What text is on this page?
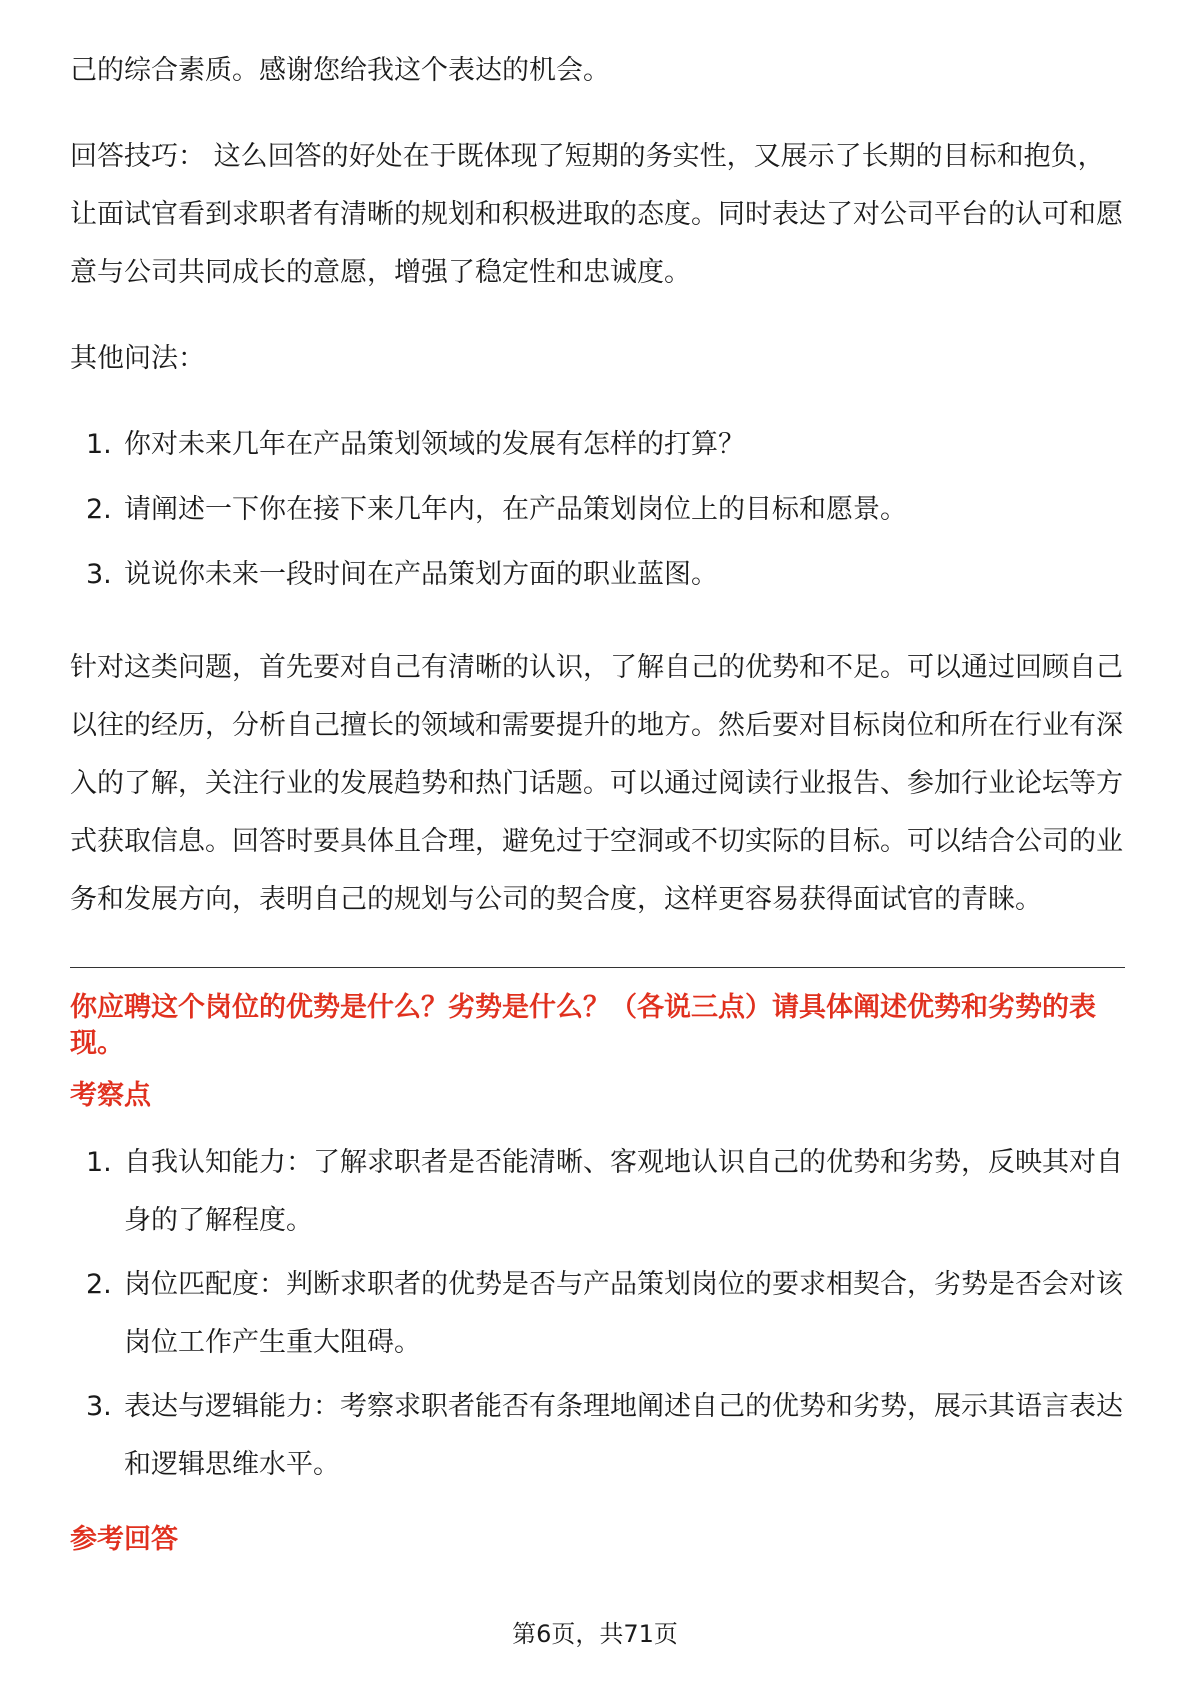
己的综合素质。感谢您给我这个表达的机会。

回答技巧： 这么回答的好处在于既体现了短期的务实性，又展示了长期的目标和抱负，让面试官看到求职者有清晰的规划和积极进取的态度。同时表达了对公司平台的认可和愿意与公司共同成长的意愿，增强了稳定性和忠诚度。

其他问法：

1. 你对未来几年在产品策划领域的发展有怎样的打算？
2. 请阐述一下你在接下来几年内，在产品策划岗位上的目标和愿景。
3. 说说你未来一段时间在产品策划方面的职业蓝图。

针对这类问题，首先要对自己有清晰的认识，了解自己的优势和不足。可以通过回顾自己以往的经历，分析自己擅长的领域和需要提升的地方。然后要对目标岗位和所在行业有深入的了解，关注行业的发展趋势和热门话题。可以通过阅读行业报告、参加行业论坛等方式获取信息。回答时要具体且合理，避免过于空洞或不切实际的目标。可以结合公司的业务和发展方向，表明自己的规划与公司的契合度，这样更容易获得面试官的青睐。

你应聘这个岗位的优势是什么？劣势是什么？（各说三点）请具体阐述优势和劣势的表现。

考察点

1. 自我认知能力：了解求职者是否能清晰、客观地认识自己的优势和劣势，反映其对自身的了解程度。
2. 岗位匹配度：判断求职者的优势是否与产品策划岗位的要求相契合，劣势是否会对该岗位工作产生重大阻碍。
3. 表达与逻辑能力：考察求职者能否有条理地阐述自己的优势和劣势，展示其语言表达和逻辑思维水平。

参考回答

第6页，共71页
